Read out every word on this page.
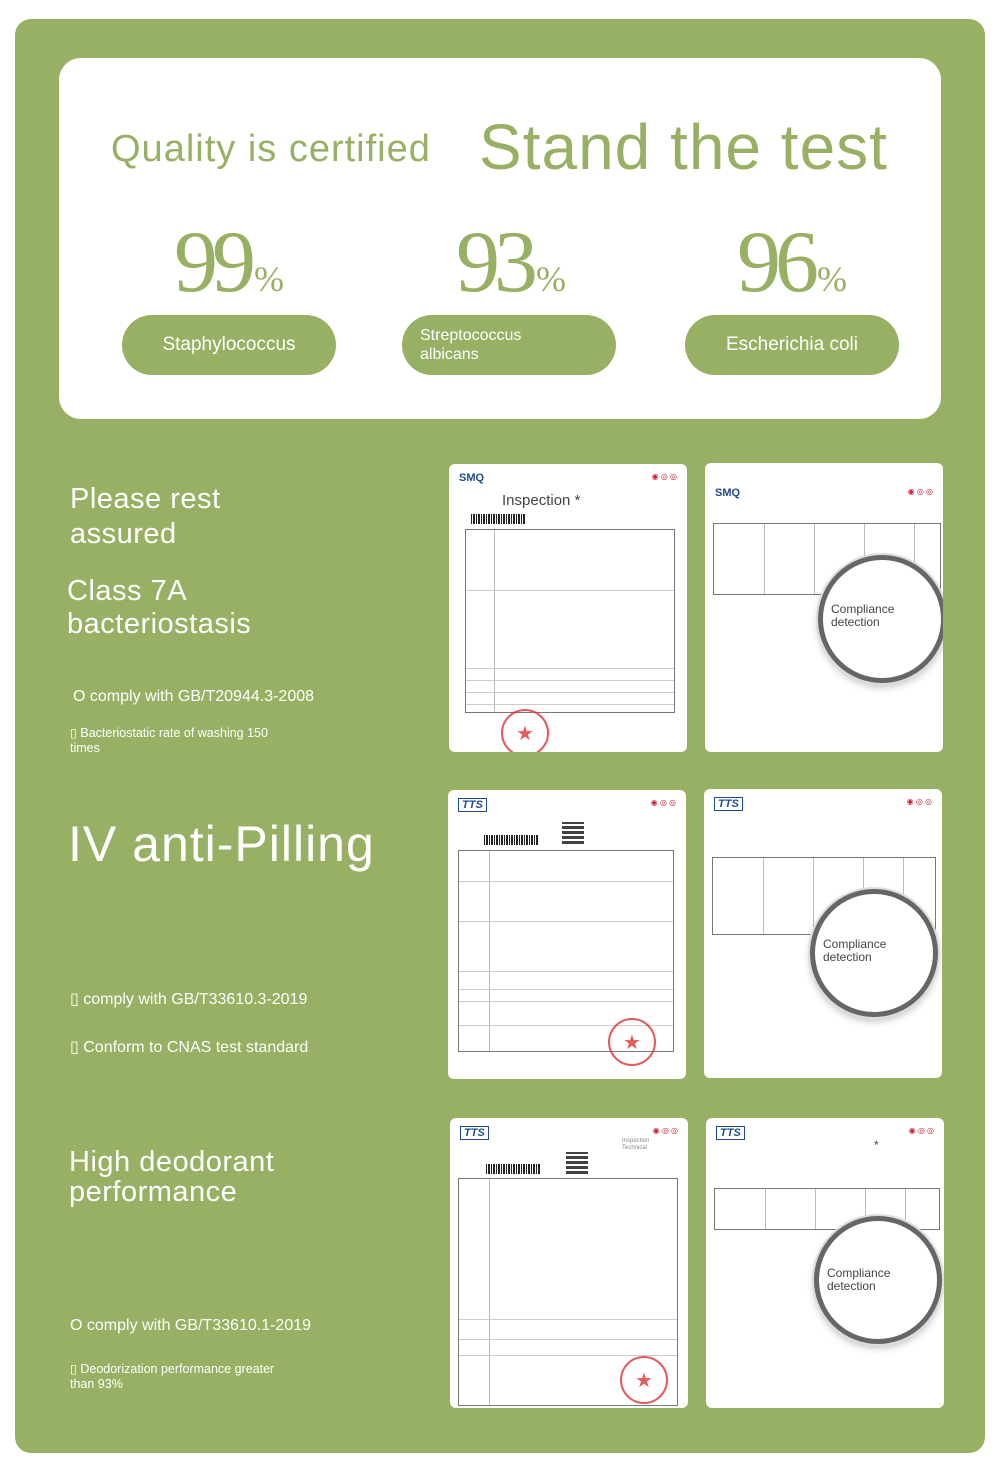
Quality is certified Stand the test
99 %
Staphylococcus
93 %
Streptococcus
albicans
96 %
Escherichia coli
Please rest
assured
Class 7A
bacteriostasis
O comply with GB/T20944.3-2008
▯ Bacteriostatic rate of washing 150
times
IV anti-Pilling
▯ comply with GB/T33610.3-2019
▯ Conform to CNAS test standard
High deodorant
performance
O comply with GB/T33610.1-2019
▯ Deodorization performance greater
than 93%
SMQ	◉ ◎ ◎
Inspection *
★
SMQ	◉ ◎ ◎
Compliance
detection
TTS	◉ ◎ ◎
★
TTS	◉ ◎ ◎
Compliance
detection
TTS	◉ ◎ ◎
Inspection
Technical
★
TTS	◉ ◎ ◎
*
Compliance
detection
